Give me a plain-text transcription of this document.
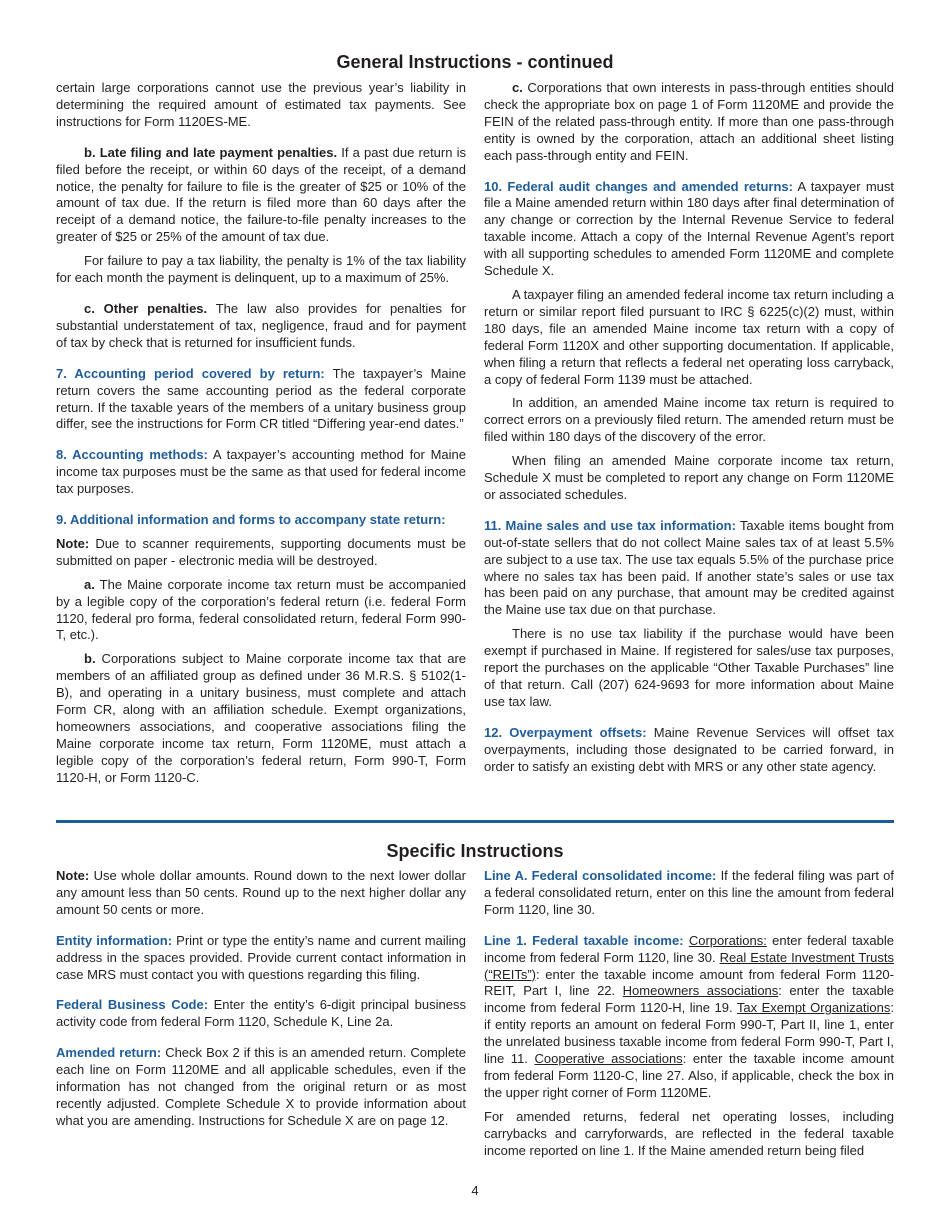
General Instructions - continued

certain large corporations cannot use the previous year’s liability in determining the required amount of estimated tax payments. See instructions for Form 1120ES-ME.

b. Late filing and late payment penalties. If a past due return is filed before the receipt, or within 60 days of the receipt, of a demand notice, the penalty for failure to file is the greater of $25 or 10% of the amount of tax due. If the return is filed more than 60 days after the receipt of a demand notice, the failure-to-file penalty increases to the greater of $25 or 25% of the amount of tax due.

For failure to pay a tax liability, the penalty is 1% of the tax liability for each month the payment is delinquent, up to a maximum of 25%.

c. Other penalties. The law also provides for penalties for substantial understatement of tax, negligence, fraud and for payment of tax by check that is returned for insufficient funds.

7. Accounting period covered by return: The taxpayer’s Maine return covers the same accounting period as the federal corporate return. If the taxable years of the members of a unitary business group differ, see the instructions for Form CR titled “Differing year-end dates.”

8. Accounting methods: A taxpayer’s accounting method for Maine income tax purposes must be the same as that used for federal income tax purposes.

9. Additional information and forms to accompany state return:

Note: Due to scanner requirements, supporting documents must be submitted on paper - electronic media will be destroyed.

a. The Maine corporate income tax return must be accompanied by a legible copy of the corporation’s federal return (i.e. federal Form 1120, federal pro forma, federal consolidated return, federal Form 990-T, etc.).

b. Corporations subject to Maine corporate income tax that are members of an affiliated group as defined under 36 M.R.S. § 5102(1-B), and operating in a unitary business, must complete and attach Form CR, along with an affiliation schedule. Exempt organizations, homeowners associations, and cooperative associations filing the Maine corporate income tax return, Form 1120ME, must attach a legible copy of the corporation’s federal return, Form 990-T, Form 1120-H, or Form 1120-C.

c. Corporations that own interests in pass-through entities should check the appropriate box on page 1 of Form 1120ME and provide the FEIN of the related pass-through entity. If more than one pass-through entity is owned by the corporation, attach an additional sheet listing each pass-through entity and FEIN.

10. Federal audit changes and amended returns: A taxpayer must file a Maine amended return within 180 days after final determination of any change or correction by the Internal Revenue Service to federal taxable income. Attach a copy of the Internal Revenue Agent’s report with all supporting schedules to amended Form 1120ME and complete Schedule X.

A taxpayer filing an amended federal income tax return including a return or similar report filed pursuant to IRC § 6225(c)(2) must, within 180 days, file an amended Maine income tax return with a copy of federal Form 1120X and other supporting documentation. If applicable, when filing a return that reflects a federal net operating loss carryback, a copy of federal Form 1139 must be attached.

In addition, an amended Maine income tax return is required to correct errors on a previously filed return. The amended return must be filed within 180 days of the discovery of the error.

When filing an amended Maine corporate income tax return, Schedule X must be completed to report any change on Form 1120ME or associated schedules.

11. Maine sales and use tax information: Taxable items bought from out-of-state sellers that do not collect Maine sales tax of at least 5.5% are subject to a use tax. The use tax equals 5.5% of the purchase price where no sales tax has been paid. If another state’s sales or use tax has been paid on any purchase, that amount may be credited against the Maine use tax due on that purchase.

There is no use tax liability if the purchase would have been exempt if purchased in Maine. If registered for sales/use tax purposes, report the purchases on the applicable “Other Taxable Purchases” line of that return. Call (207) 624-9693 for more information about Maine use tax law.

12. Overpayment offsets: Maine Revenue Services will offset tax overpayments, including those designated to be carried forward, in order to satisfy an existing debt with MRS or any other state agency.

Specific Instructions

Note: Use whole dollar amounts. Round down to the next lower dollar any amount less than 50 cents. Round up to the next higher dollar any amount 50 cents or more.

Entity information: Print or type the entity’s name and current mailing address in the spaces provided. Provide current contact information in case MRS must contact you with questions regarding this filing.

Federal Business Code: Enter the entity’s 6-digit principal business activity code from federal Form 1120, Schedule K, Line 2a.

Amended return: Check Box 2 if this is an amended return. Complete each line on Form 1120ME and all applicable schedules, even if the information has not changed from the original return or as most recently adjusted. Complete Schedule X to provide information about what you are amending. Instructions for Schedule X are on page 12.

Line A. Federal consolidated income: If the federal filing was part of a federal consolidated return, enter on this line the amount from federal Form 1120, line 30.

Line 1. Federal taxable income: Corporations: enter federal taxable income from federal Form 1120, line 30. Real Estate Investment Trusts (“REITs”): enter the taxable income amount from federal Form 1120-REIT, Part I, line 22. Homeowners associations: enter the taxable income from federal Form 1120-H, line 19. Tax Exempt Organizations: if entity reports an amount on federal Form 990-T, Part II, line 1, enter the unrelated business taxable income from federal Form 990-T, Part I, line 11. Cooperative associations: enter the taxable income amount from federal Form 1120-C, line 27. Also, if applicable, check the box in the upper right corner of Form 1120ME.

For amended returns, federal net operating losses, including carrybacks and carryforwards, are reflected in the federal taxable income reported on line 1. If the Maine amended return being filed

4
